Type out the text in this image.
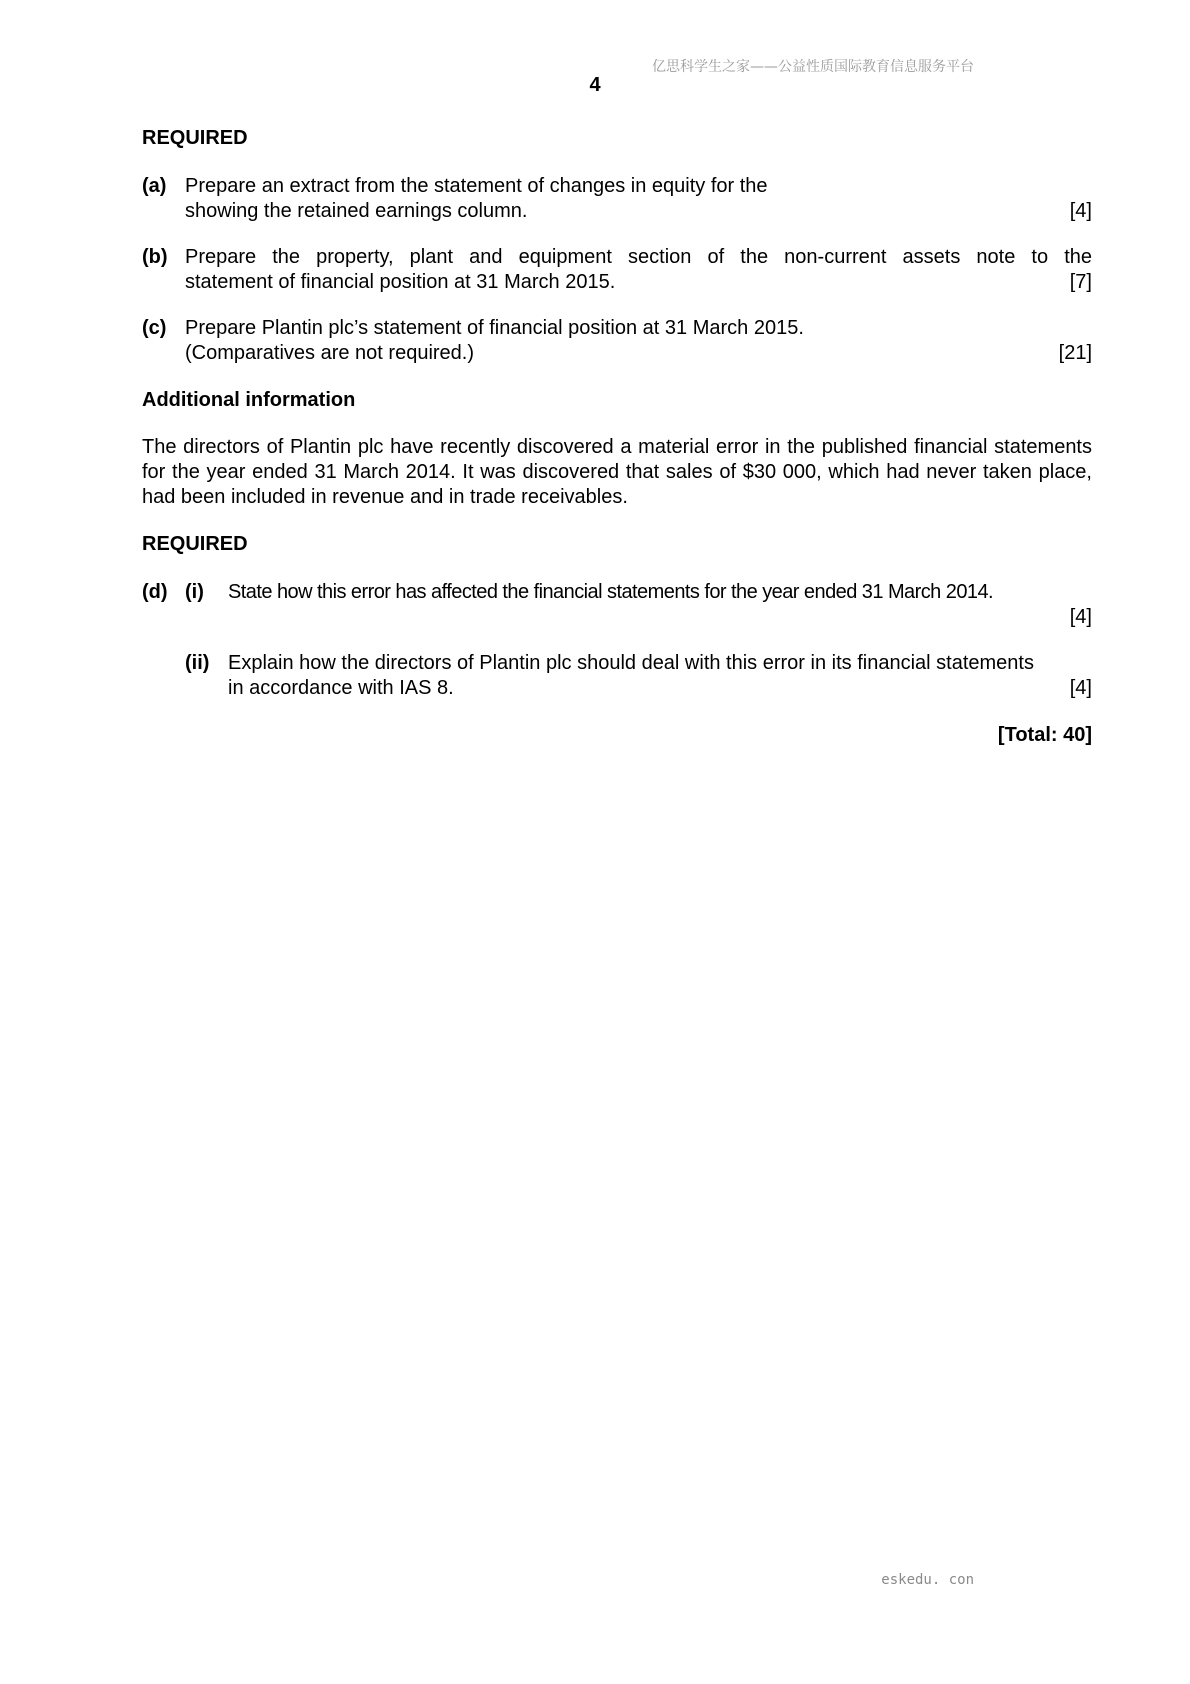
亿思科学生之家——公益性质国际教育信息服务平台
4

REQUIRED

(a) Prepare an extract from the statement of changes in equity for the
showing the retained earnings column.	[4]
(b) Prepare the property, plant and equipment section of the non-current assets note to the
statement of financial position at 31 March 2015.	[7]
(c) Prepare Plantin plc’s statement of financial position at 31 March 2015.
(Comparatives are not required.)	[21]

Additional information

The directors of Plantin plc have recently discovered a material error in the published financial statements for the year ended 31 March 2014. It was discovered that sales of $30 000, which had never taken place, had been included in revenue and in trade receivables.

REQUIRED

(d) (i)	State how this error has affected the financial statements for the year ended 31 March 2014.
[4]
(ii) Explain how the directors of Plantin plc should deal with this error in its financial statements
in accordance with IAS 8.	[4]
[Total: 40]
eskedu. con
